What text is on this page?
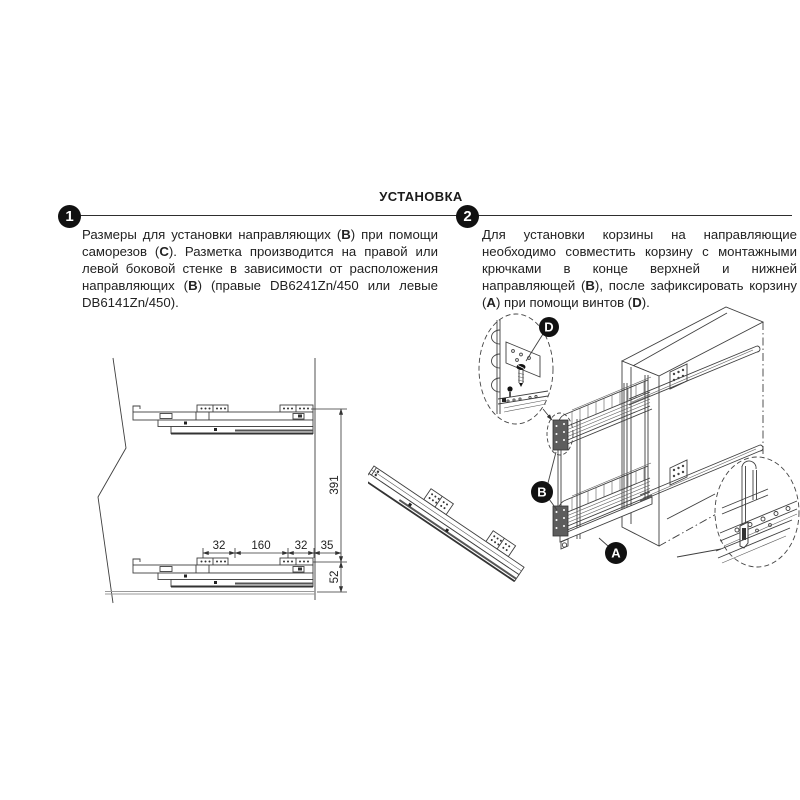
УСТАНОВКА
1	2
Размеры для установки направляющих (B) при помощи саморезов (C). Разметка производится на правой или левой боковой стенке в зависимости от расположения направляющих (B) (правые DB6241Zn/450 или левые DB6141Zn/450).
Для установки корзины на направляющие необходимо совместить корзину с монтажными крючками в конце верхней и нижней направляющей (B), после зафиксировать корзину (A) при помощи винтов (D).
32 160 32 35
391
52
B
A
D
